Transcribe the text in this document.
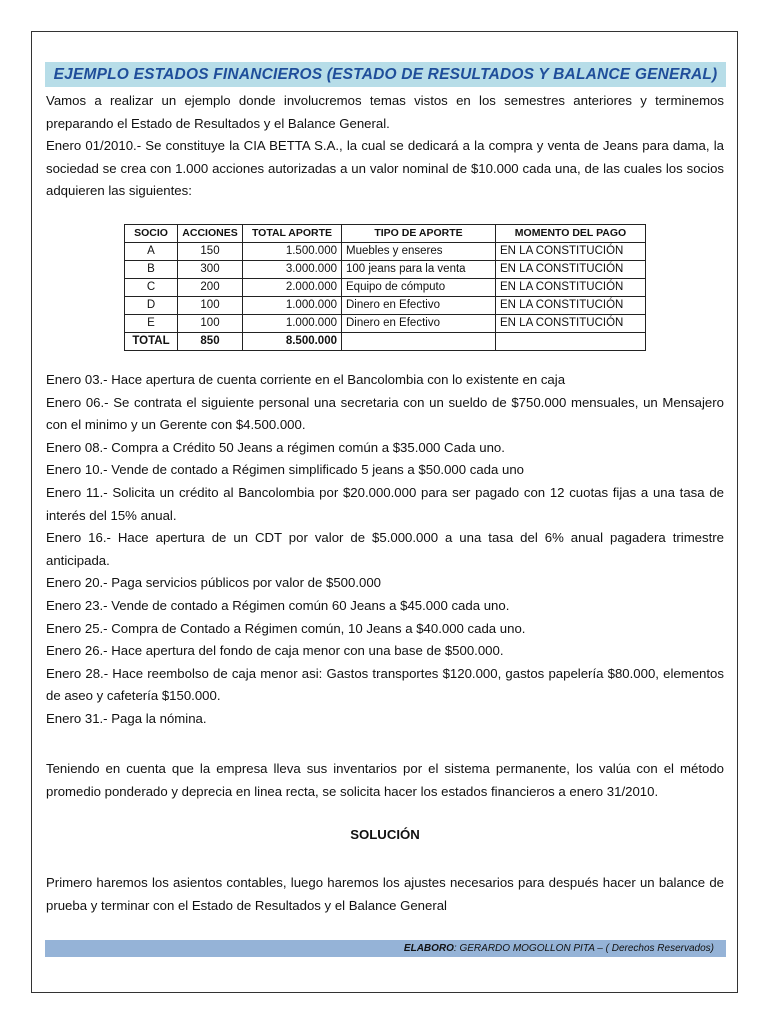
EJEMPLO ESTADOS FINANCIEROS (ESTADO DE RESULTADOS Y BALANCE GENERAL)

Vamos a realizar un ejemplo donde involucremos temas vistos en los semestres anteriores y terminemos preparando el Estado de Resultados y el Balance General.

Enero 01/2010.- Se constituye la CIA BETTA S.A., la cual se dedicará a la compra y venta de Jeans para dama, la sociedad se crea con 1.000 acciones autorizadas a un valor nominal de $10.000 cada una, de las cuales los socios adquieren las siguientes:

SOCIO	ACCIONES	TOTAL APORTE	TIPO DE APORTE	MOMENTO DEL PAGO
A	150	1.500.000	Muebles y enseres	EN LA CONSTITUCIÓN
B	300	3.000.000	100 jeans para la venta	EN LA CONSTITUCIÓN
C	200	2.000.000	Equipo de cómputo	EN LA CONSTITUCIÓN
D	100	1.000.000	Dinero en Efectivo	EN LA CONSTITUCIÓN
E	100	1.000.000	Dinero en Efectivo	EN LA CONSTITUCIÓN
TOTAL	850	8.500.000		

Enero 03.- Hace apertura de cuenta corriente en el Bancolombia con lo existente en caja

Enero 06.- Se contrata el siguiente personal una secretaria con un sueldo de $750.000 mensuales, un Mensajero con el minimo y un Gerente con $4.500.000.

Enero 08.- Compra a Crédito 50 Jeans a régimen común a $35.000 Cada uno.

Enero 10.- Vende de contado a Régimen simplificado 5 jeans a $50.000 cada uno

Enero 11.- Solicita un crédito al Bancolombia por $20.000.000 para ser pagado con 12 cuotas fijas a una tasa de interés del 15% anual.

Enero 16.- Hace apertura de un CDT por valor de $5.000.000 a una tasa del 6% anual pagadera trimestre anticipada.

Enero 20.- Paga servicios públicos por valor de $500.000

Enero 23.- Vende de contado a Régimen común 60 Jeans a $45.000 cada uno.

Enero 25.- Compra de Contado a Régimen común, 10 Jeans a $40.000 cada uno.

Enero 26.- Hace apertura del fondo de caja menor con una base de $500.000.

Enero 28.- Hace reembolso de caja menor asi: Gastos transportes $120.000, gastos papelería $80.000, elementos de aseo y cafetería $150.000.

Enero 31.- Paga la nómina.

Teniendo en cuenta que la empresa lleva sus inventarios por el sistema permanente, los valúa con el método promedio ponderado y deprecia en linea recta, se solicita hacer los estados financieros a enero 31/2010.

SOLUCIÓN

Primero haremos los asientos contables, luego haremos los ajustes necesarios para después hacer un balance de prueba y terminar con el Estado de Resultados y el Balance General

ELABORO : GERARDO MOGOLLON PITA – ( Derechos Reservados)
